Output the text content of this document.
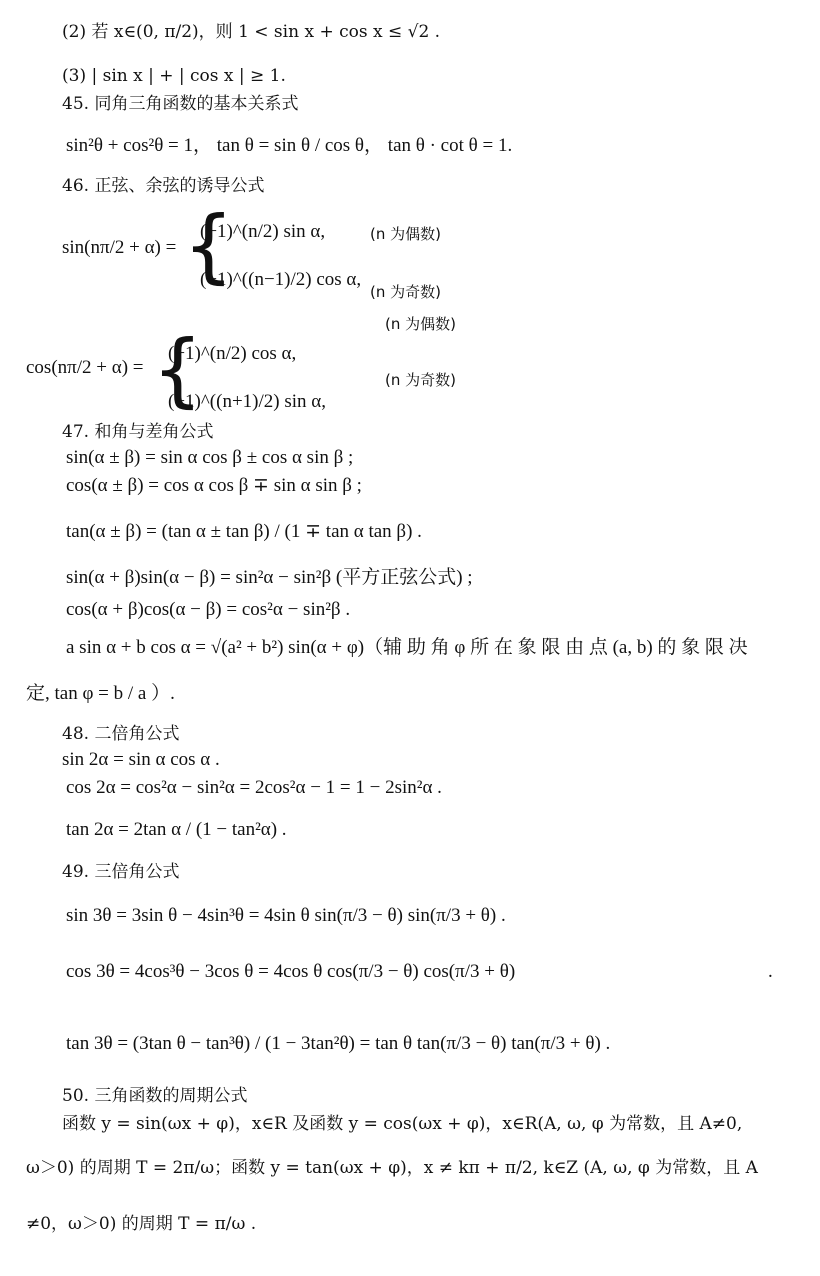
(2) 若 x∈(0, π/2)，则 1 < sin x + cos x ≤ √2 .
(3) | sin x | + | cos x | ≥ 1.
45. 同角三角函数的基本关系式
sin²θ + cos²θ = 1， tan θ = sin θ / cos θ， tan θ · cot θ = 1.
46. 正弦、余弦的诱导公式
sin(nπ/2 + α) = {
(−1)^(n/2) sin α,
(−1)^((n−1)/2) cos α,
(n 为偶数)
(n 为奇数)
(n 为偶数)
cos(nπ/2 + α) = {
(−1)^(n/2) cos α,
(−1)^((n+1)/2) sin α,
(n 为奇数)
47. 和角与差角公式
sin(α ± β) = sin α cos β ± cos α sin β ;
cos(α ± β) = cos α cos β ∓ sin α sin β ;
tan(α ± β) = (tan α ± tan β) / (1 ∓ tan α tan β) .
sin(α + β)sin(α − β) = sin²α − sin²β (平方正弦公式) ;
cos(α + β)cos(α − β) = cos²α − sin²β .
a sin α + b cos α = √(a² + b²) sin(α + φ)（辅 助 角 φ 所 在 象 限 由 点 (a, b) 的 象 限 决
定, tan φ = b / a ）.
48. 二倍角公式
sin 2α = sin α cos α .
cos 2α = cos²α − sin²α = 2cos²α − 1 = 1 − 2sin²α .
tan 2α = 2tan α / (1 − tan²α) .
49. 三倍角公式
sin 3θ = 3sin θ − 4sin³θ = 4sin θ sin(π/3 − θ) sin(π/3 + θ) .
cos 3θ = 4cos³θ − 3cos θ = 4cos θ cos(π/3 − θ) cos(π/3 + θ)	.
tan 3θ = (3tan θ − tan³θ) / (1 − 3tan²θ) = tan θ tan(π/3 − θ) tan(π/3 + θ) .
50. 三角函数的周期公式
函数 y = sin(ωx + φ)，x∈R 及函数 y = cos(ωx + φ)，x∈R(A, ω, φ 为常数，且 A≠0,
ω＞0) 的周期 T = 2π/ω；函数 y = tan(ωx + φ)，x ≠ kπ + π/2, k∈Z (A, ω, φ 为常数，且 A
≠0，ω＞0) 的周期 T = π/ω .
